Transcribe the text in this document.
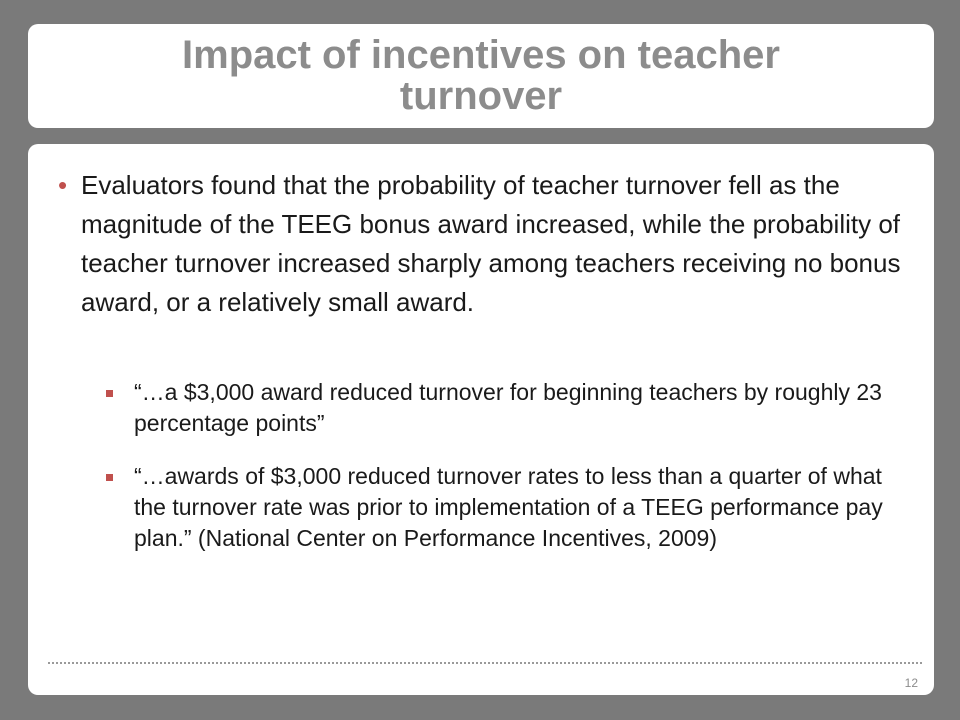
Impact of incentives on teacher turnover
• Evaluators found that the probability of teacher turnover fell as the magnitude of the TEEG bonus award increased, while the probability of teacher turnover increased sharply among teachers receiving no bonus award, or a relatively small award.
“…a $3,000 award reduced turnover for beginning teachers by roughly 23 percentage points”
“…awards of $3,000 reduced turnover rates to less than a quarter of what the turnover rate was prior to implementation of a TEEG performance pay plan.” (National Center on Performance Incentives, 2009)
12
